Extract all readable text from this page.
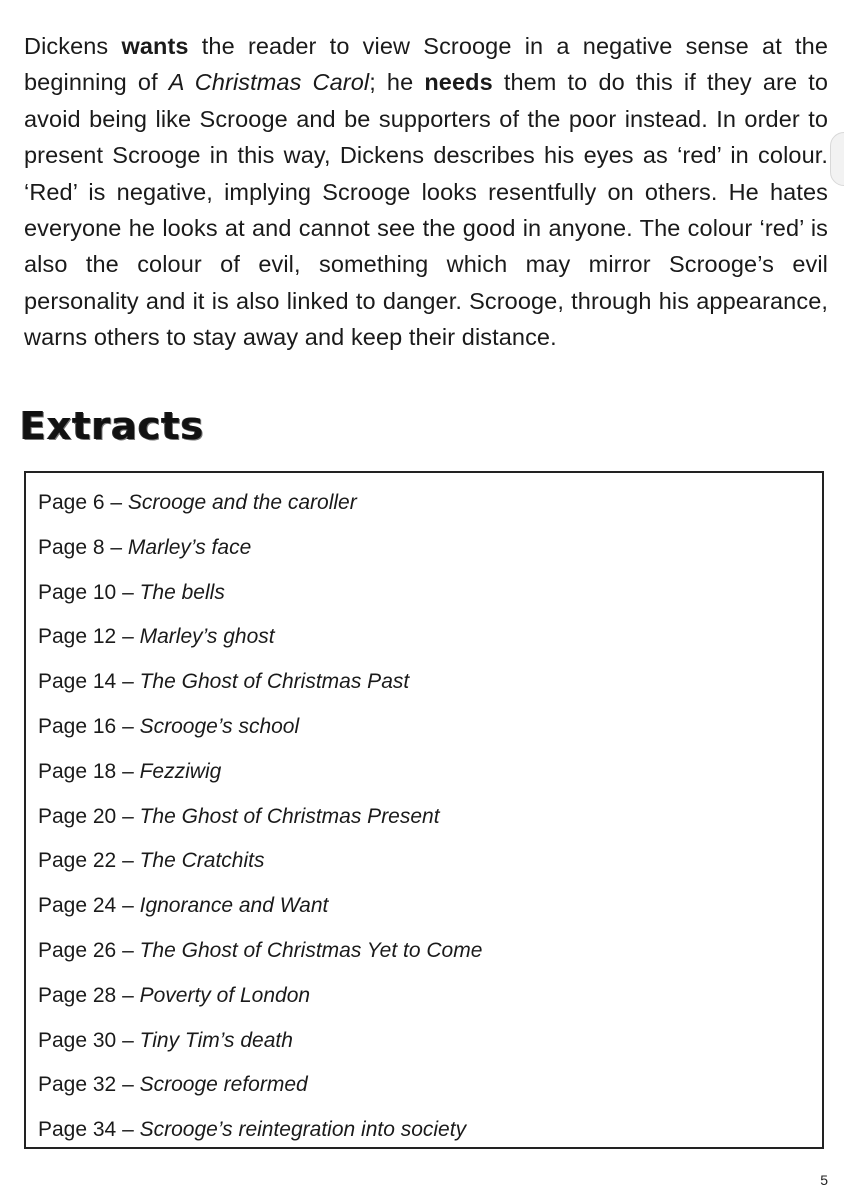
Dickens wants the reader to view Scrooge in a negative sense at the beginning of A Christmas Carol; he needs them to do this if they are to avoid being like Scrooge and be supporters of the poor instead. In order to present Scrooge in this way, Dickens describes his eyes as ‘red’ in colour. ‘Red’ is negative, implying Scrooge looks resentfully on others. He hates everyone he looks at and cannot see the good in anyone. The colour ‘red’ is also the colour of evil, something which may mirror Scrooge’s evil personality and it is also linked to danger. Scrooge, through his appearance, warns others to stay away and keep their distance.

Extracts
Page 6 – Scrooge and the caroller
Page 8 – Marley’s face
Page 10 – The bells
Page 12 – Marley’s ghost
Page 14 – The Ghost of Christmas Past
Page 16 – Scrooge’s school
Page 18 – Fezziwig
Page 20 – The Ghost of Christmas Present
Page 22 – The Cratchits
Page 24 – Ignorance and Want
Page 26 – The Ghost of Christmas Yet to Come
Page 28 – Poverty of London
Page 30 – Tiny Tim’s death
Page 32 – Scrooge reformed
Page 34 – Scrooge’s reintegration into society
5
